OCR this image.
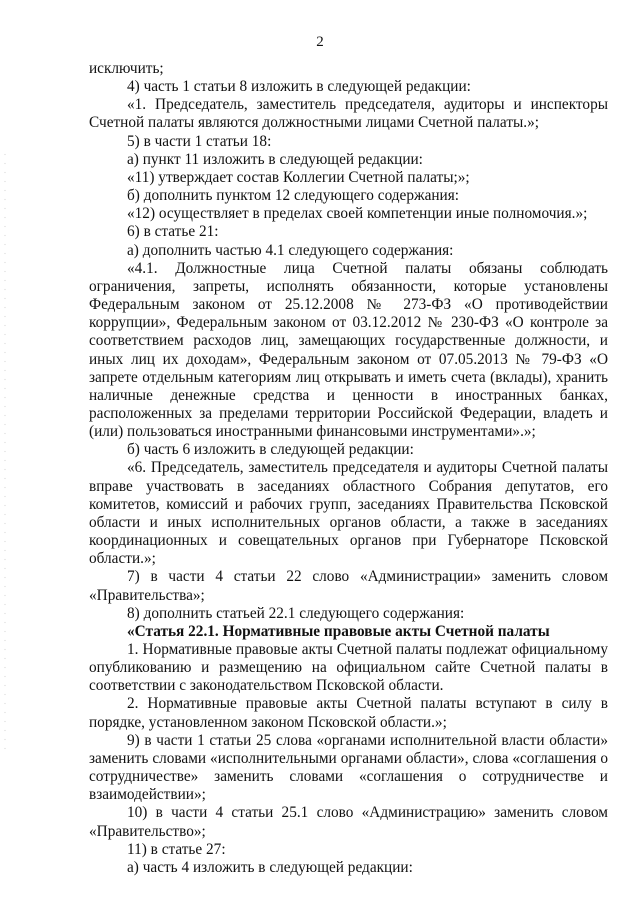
2

исключить;

4) часть 1 статьи 8 изложить в следующей редакции:

«1. Председатель, заместитель председателя, аудиторы и инспекторы Счетной палаты являются должностными лицами Счетной палаты.»;

5) в части 1 статьи 18:

а) пункт 11 изложить в следующей редакции:

«11) утверждает состав Коллегии Счетной палаты;»;

б) дополнить пунктом 12 следующего содержания:

«12) осуществляет в пределах своей компетенции иные полномочия.»;

6) в статье 21:

а) дополнить частью 4.1 следующего содержания:

«4.1. Должностные лица Счетной палаты обязаны соблюдать ограничения, запреты, исполнять обязанности, которые установлены Федеральным законом от 25.12.2008 № 273-ФЗ «О противодействии коррупции», Федеральным законом от 03.12.2012 № 230-ФЗ «О контроле за соответствием расходов лиц, замещающих государственные должности, и иных лиц их доходам», Федеральным законом от 07.05.2013 № 79-ФЗ «О запрете отдельным категориям лиц открывать и иметь счета (вклады), хранить наличные денежные средства и ценности в иностранных банках, расположенных за пределами территории Российской Федерации, владеть и (или) пользоваться иностранными финансовыми инструментами».»;

б) часть 6 изложить в следующей редакции:

«6. Председатель, заместитель председателя и аудиторы Счетной палаты вправе участвовать в заседаниях областного Собрания депутатов, его комитетов, комиссий и рабочих групп, заседаниях Правительства Псковской области и иных исполнительных органов области, а также в заседаниях координационных и совещательных органов при Губернаторе Псковской области.»;

7) в части 4 статьи 22 слово «Администрации» заменить словом «Правительства»;

8) дополнить статьей 22.1 следующего содержания:

«Статья 22.1. Нормативные правовые акты Счетной палаты

1. Нормативные правовые акты Счетной палаты подлежат официальному опубликованию и размещению на официальном сайте Счетной палаты в соответствии с законодательством Псковской области.

2. Нормативные правовые акты Счетной палаты вступают в силу в порядке, установленном законом Псковской области.»;

9) в части 1 статьи 25 слова «органами исполнительной власти области» заменить словами «исполнительными органами области», слова «соглашения о сотрудничестве» заменить словами «соглашения о сотрудничестве и взаимодействии»;

10) в части 4 статьи 25.1 слово «Администрацию» заменить словом «Правительство»;

11) в статье 27:

а) часть 4 изложить в следующей редакции:
